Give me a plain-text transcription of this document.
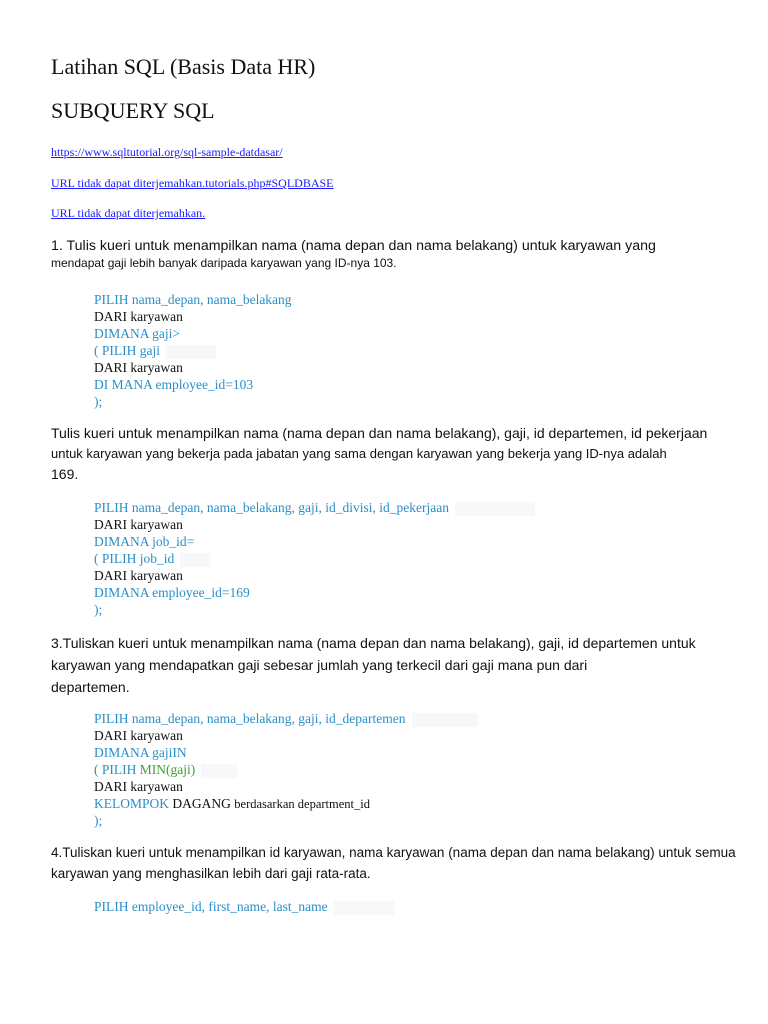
Latihan SQL (Basis Data HR)
SUBQUERY SQL
https://www.sqltutorial.org/sql-sample-datdasar/
URL tidak dapat diterjemahkan.tutorials.php#SQLDBASE
URL tidak dapat diterjemahkan.
1. Tulis kueri untuk menampilkan nama (nama depan dan nama belakang) untuk karyawan yang
mendapat gaji lebih banyak daripada karyawan yang ID-nya 103.
PILIH nama_depan, nama_belakang
DARI karyawan
DIMANA gaji>
( PILIH gaji
DARI karyawan
DI MANA employee_id=103
);
Tulis kueri untuk menampilkan nama (nama depan dan nama belakang), gaji, id departemen, id pekerjaan
untuk karyawan yang bekerja pada jabatan yang sama dengan karyawan yang bekerja yang ID-nya adalah
169.
PILIH nama_depan, nama_belakang, gaji, id_divisi, id_pekerjaan
DARI karyawan
DIMANA job_id=
( PILIH job_id
DARI karyawan
DIMANA employee_id=169
);
3.Tuliskan kueri untuk menampilkan nama (nama depan dan nama belakang), gaji, id departemen untuk
karyawan yang mendapatkan gaji sebesar jumlah yang terkecil dari gaji mana pun dari
departemen.
PILIH nama_depan, nama_belakang, gaji, id_departemen
DARI karyawan
DIMANA gajiIN
( PILIH MIN(gaji)
DARI karyawan
KELOMPOK DAGANG berdasarkan department_id
);
4.Tuliskan kueri untuk menampilkan id karyawan, nama karyawan (nama depan dan nama belakang) untuk semua
karyawan yang menghasilkan lebih dari gaji rata-rata.
PILIH employee_id, first_name, last_name
